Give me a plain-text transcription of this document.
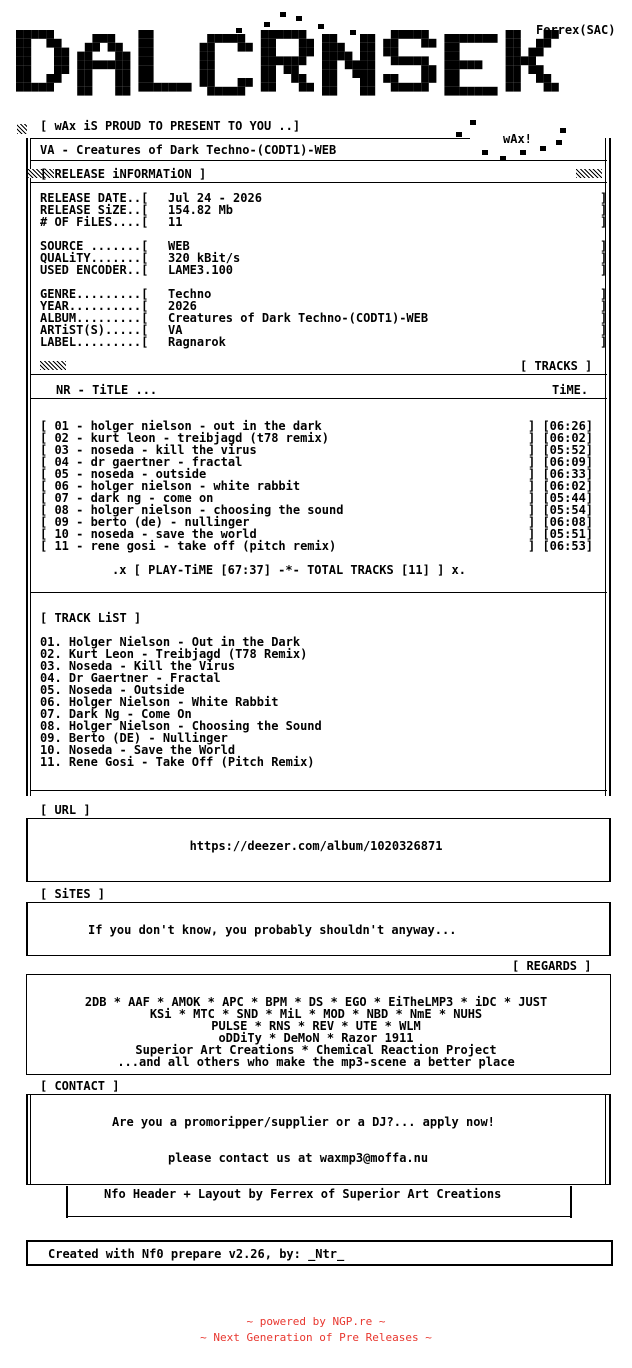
Ferrex(SAC)
[ wAx iS PROUD TO PRESENT TO YOU ..]
wAx!
VA - Creatures of Dark Techno-(CODT1)-WEB
[ RELEASE iNFORMATiON ]
RELEASE DATE..[ Jul 24 - 2026
RELEASE SiZE..[ 154.82 Mb
# OF FiLES....[ 11
SOURCE .......[ WEB
QUALiTY.......[ 320 kBit/s
USED ENCODER..[ LAME3.100
GENRE.........[ Techno
YEAR..........[ 2026
ALBUM.........[ Creatures of Dark Techno-(CODT1)-WEB
ARTiST(S).....[ VA
LABEL.........[ Ragnarok
]
]
]

]
]
]

]
]
]
]
]
[ TRACKS ]
NR - TiTLE ...	TiME.
[ 01 - holger nielson - out in the dark	] [06:26]
[ 02 - kurt leon - treibjagd (t78 remix)	] [06:02]
[ 03 - noseda - kill the virus	] [05:52]
[ 04 - dr gaertner - fractal	] [06:09]
[ 05 - noseda - outside	] [06:33]
[ 06 - holger nielson - white rabbit	] [06:02]
[ 07 - dark ng - come on	] [05:44]
[ 08 - holger nielson - choosing the sound	] [05:54]
[ 09 - berto (de) - nullinger	] [06:08]
[ 10 - noseda - save the world	] [05:51]
[ 11 - rene gosi - take off (pitch remix)	] [06:53]
.x [ PLAY-TiME [67:37] -*- TOTAL TRACKS [11] ] x.
[ TRACK LiST ]
01. Holger Nielson - Out in the Dark
02. Kurt Leon - Treibjagd (T78 Remix)
03. Noseda - Kill the Virus
04. Dr Gaertner - Fractal
05. Noseda - Outside
06. Holger Nielson - White Rabbit
07. Dark Ng - Come On
08. Holger Nielson - Choosing the Sound
09. Berto (DE) - Nullinger
10. Noseda - Save the World
11. Rene Gosi - Take Off (Pitch Remix)
[ URL ]
https://deezer.com/album/1020326871
[ SiTES ]
If you don't know, you probably shouldn't anyway...
[ REGARDS ]
2DB * AAF * AMOK * APC * BPM * DS * EGO * EiTheLMP3 * iDC * JUST
KSi * MTC * SND * MiL * MOD * NBD * NmE * NUHS
PULSE * RNS * REV * UTE * WLM
oDDiTy * DeMoN * Razor 1911
Superior Art Creations * Chemical Reaction Project
...and all others who make the mp3-scene a better place
[ CONTACT ]
Are you a promoripper/supplier or a DJ?... apply now!
please contact us at waxmp3@moffa.nu
Nfo Header + Layout by Ferrex of Superior Art Creations
Created with Nf0 prepare v2.26, by: _Ntr_
~ powered by NGP.re ~
~ Next Generation of Pre Releases ~
